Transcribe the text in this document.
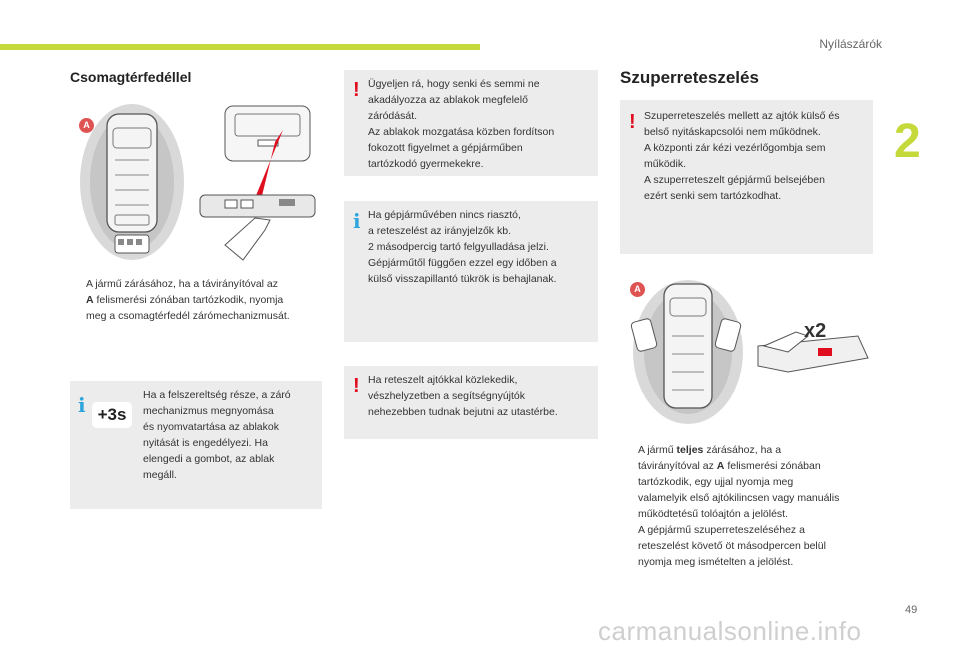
Nyílászárók
2
49
Csomagtérfedéllel
A
A jármű zárásához, ha a távirányítóval az
A felismerési zónában tartózkodik, nyomja
meg a csomagtérfedél zárómechanizmusát.
i +3s

Ha a felszereltség része, a záró
mechanizmus megnyomása
és nyomvatartása az ablakok
nyitását is engedélyezi. Ha
elengedi a gombot, az ablak
megáll.

! Ügyeljen rá, hogy senki és semmi ne
akadályozza az ablakok megfelelő
záródását.
Az ablakok mozgatása közben fordítson
fokozott figyelmet a gépjárműben
tartózkodó gyermekekre.

i Ha gépjárművében nincs riasztó,
a reteszelést az irányjelzők kb.
2 másodpercig tartó felgyulladása jelzi.
Gépjárműtől függően ezzel egy időben a
külső visszapillantó tükrök is behajlanak.

! Ha reteszelt ajtókkal közlekedik,
vészhelyzetben a segítségnyújtók
nehezebben tudnak bejutni az utastérbe.

Szuperreteszelés
! Szuperreteszelés mellett az ajtók külső és
belső nyitáskapcsolói nem működnek.
A központi zár kézi vezérlőgombja sem
működik.
A szuperreteszelt gépjármű belsejében
ezért senki sem tartózkodhat.

A
x2
A jármű teljes zárásához, ha a
távirányítóval az A felismerési zónában
tartózkodik, egy ujjal nyomja meg
valamelyik első ajtókilincsen vagy manuális
működtetésű tolóajtón a jelölést.
A gépjármű szuperreteszeléséhez a
reteszelést követő öt másodpercen belül
nyomja meg ismételten a jelölést.
carmanualsonline.info
